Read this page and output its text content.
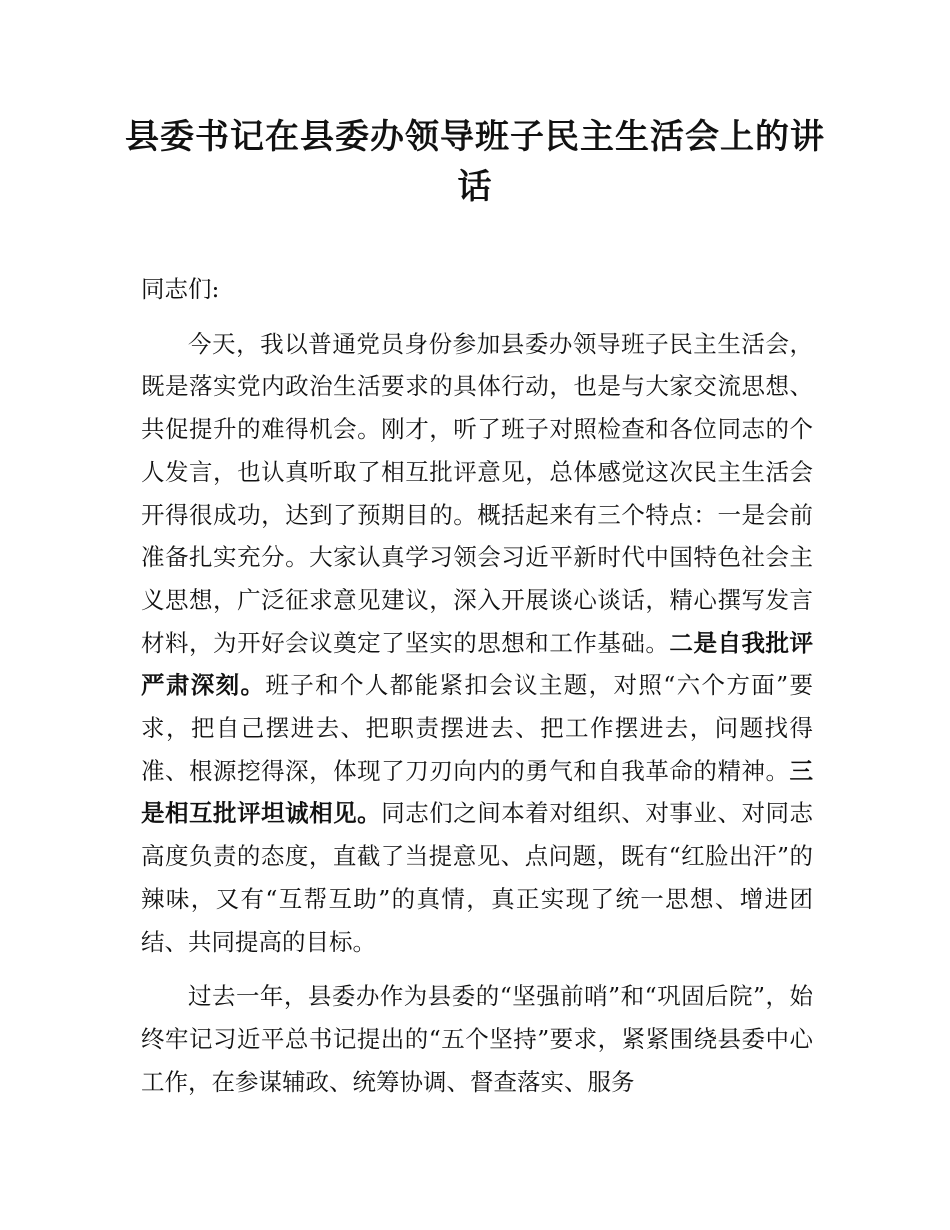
县委书记在县委办领导班子民主生活会上的讲话

同志们:

今天，我以普通党员身份参加县委办领导班子民主生活会，既是落实党内政治生活要求的具体行动，也是与大家交流思想、共促提升的难得机会。刚才，听了班子对照检查和各位同志的个人发言，也认真听取了相互批评意见，总体感觉这次民主生活会开得很成功，达到了预期目的。概括起来有三个特点：一是会前准备扎实充分。大家认真学习领会习近平新时代中国特色社会主义思想，广泛征求意见建议，深入开展谈心谈话，精心撰写发言材料，为开好会议奠定了坚实的思想和工作基础。二是自我批评严肃深刻。班子和个人都能紧扣会议主题，对照“六个方面”要求，把自己摆进去、把职责摆进去、把工作摆进去，问题找得准、根源挖得深，体现了刀刃向内的勇气和自我革命的精神。三是相互批评坦诚相见。同志们之间本着对组织、对事业、对同志高度负责的态度，直截了当提意见、点问题，既有“红脸出汗”的辣味，又有“互帮互助”的真情，真正实现了统一思想、增进团结、共同提高的目标。

过去一年，县委办作为县委的“坚强前哨”和“巩固后院”，始终牢记习近平总书记提出的“五个坚持”要求，紧紧围绕县委中心工作，在参谋辅政、统筹协调、督查落实、服务
